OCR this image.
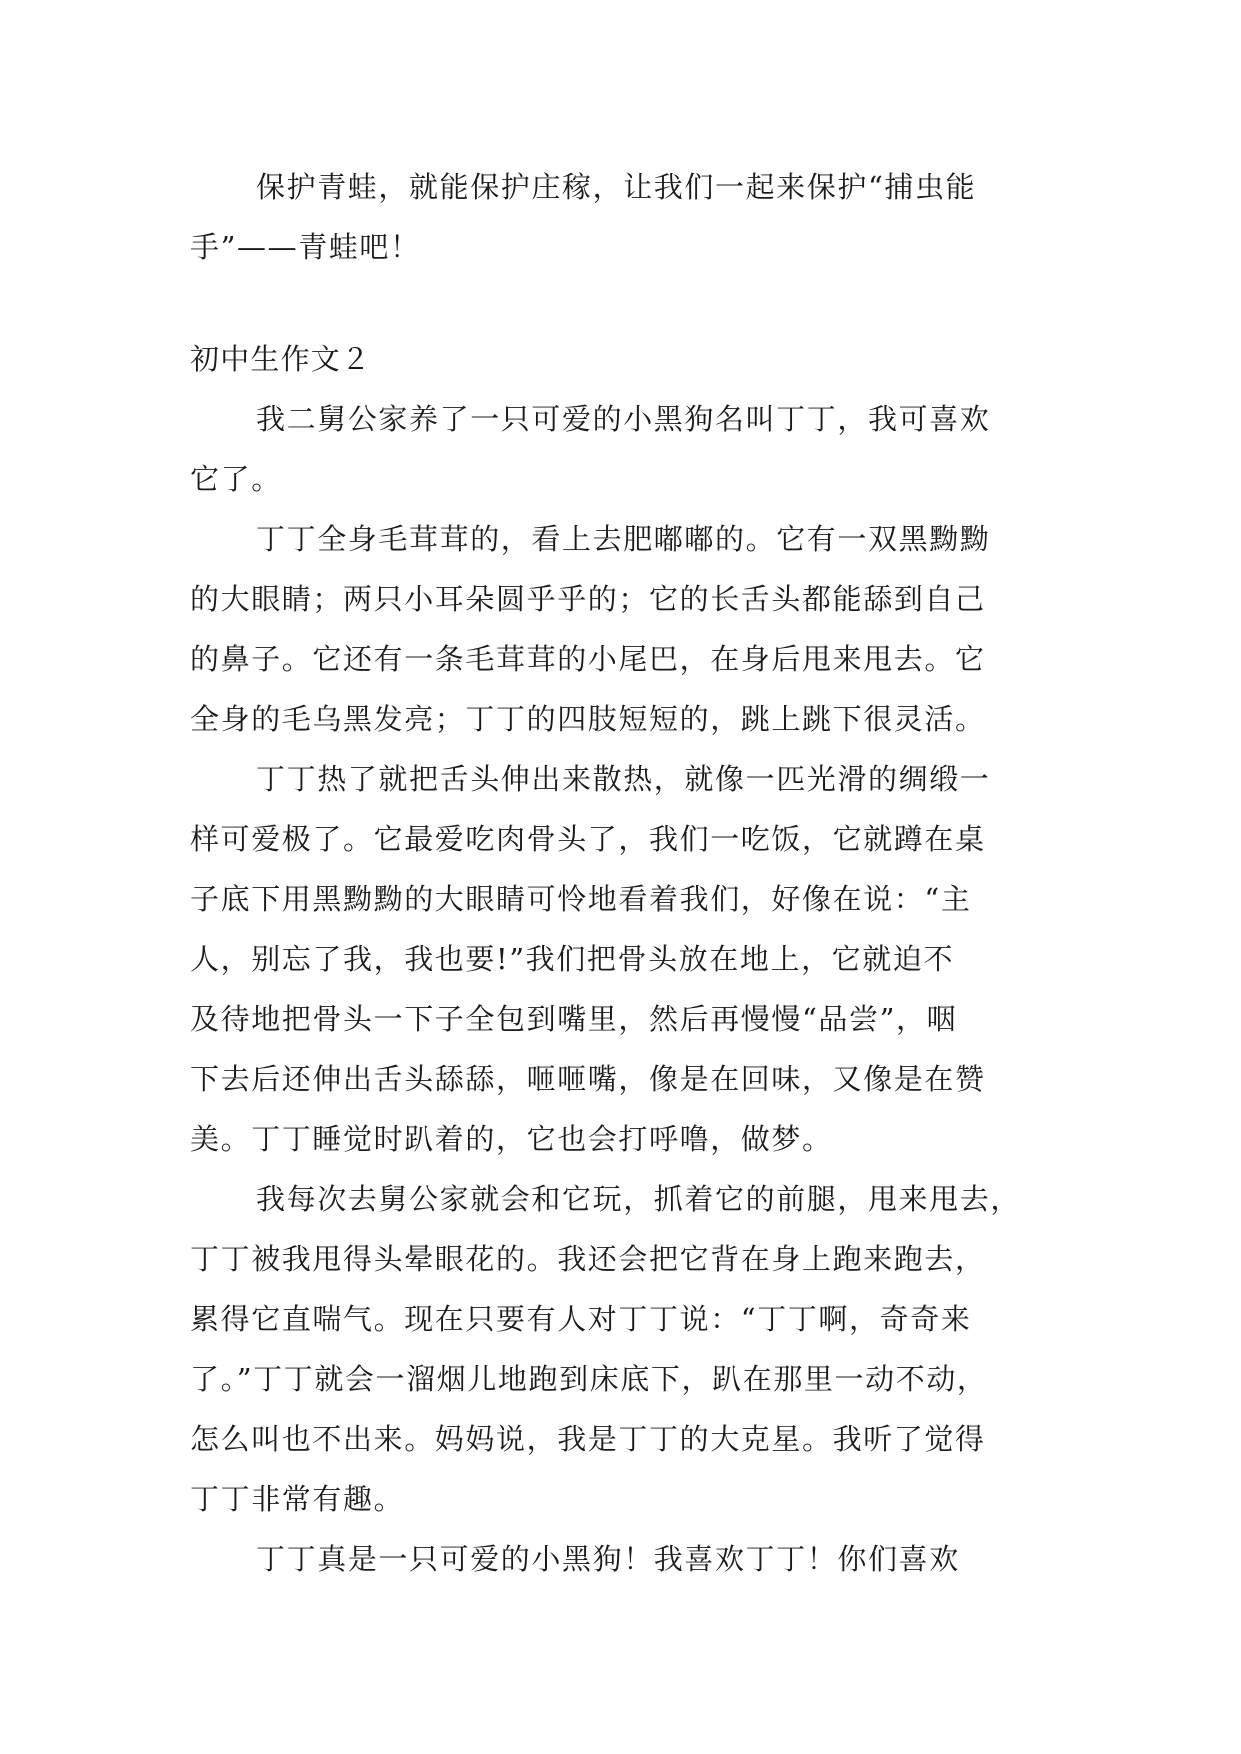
保护青蛙，就能保护庄稼，让我们一起来保护“捕虫能
手”——青蛙吧！
初中生作文２
我二舅公家养了一只可爱的小黑狗名叫丁丁，我可喜欢
它了。
丁丁全身毛茸茸的，看上去肥嘟嘟的。它有一双黑黝黝
的大眼睛；两只小耳朵圆乎乎的；它的长舌头都能舔到自己
的鼻子。它还有一条毛茸茸的小尾巴，在身后甩来甩去。它
全身的毛乌黑发亮；丁丁的四肢短短的，跳上跳下很灵活。
丁丁热了就把舌头伸出来散热，就像一匹光滑的绸缎一
样可爱极了。它最爱吃肉骨头了，我们一吃饭，它就蹲在桌
子底下用黑黝黝的大眼睛可怜地看着我们，好像在说：“主
人，别忘了我，我也要!”我们把骨头放在地上，它就迫不
及待地把骨头一下子全包到嘴里，然后再慢慢“品尝”，咽
下去后还伸出舌头舔舔，咂咂嘴，像是在回味，又像是在赞
美。丁丁睡觉时趴着的，它也会打呼噜，做梦。
我每次去舅公家就会和它玩，抓着它的前腿，甩来甩去，
丁丁被我甩得头晕眼花的。我还会把它背在身上跑来跑去，
累得它直喘气。现在只要有人对丁丁说：“丁丁啊，奇奇来
了。”丁丁就会一溜烟儿地跑到床底下，趴在那里一动不动，
怎么叫也不出来。妈妈说，我是丁丁的大克星。我听了觉得
丁丁非常有趣。
丁丁真是一只可爱的小黑狗！我喜欢丁丁！你们喜欢
